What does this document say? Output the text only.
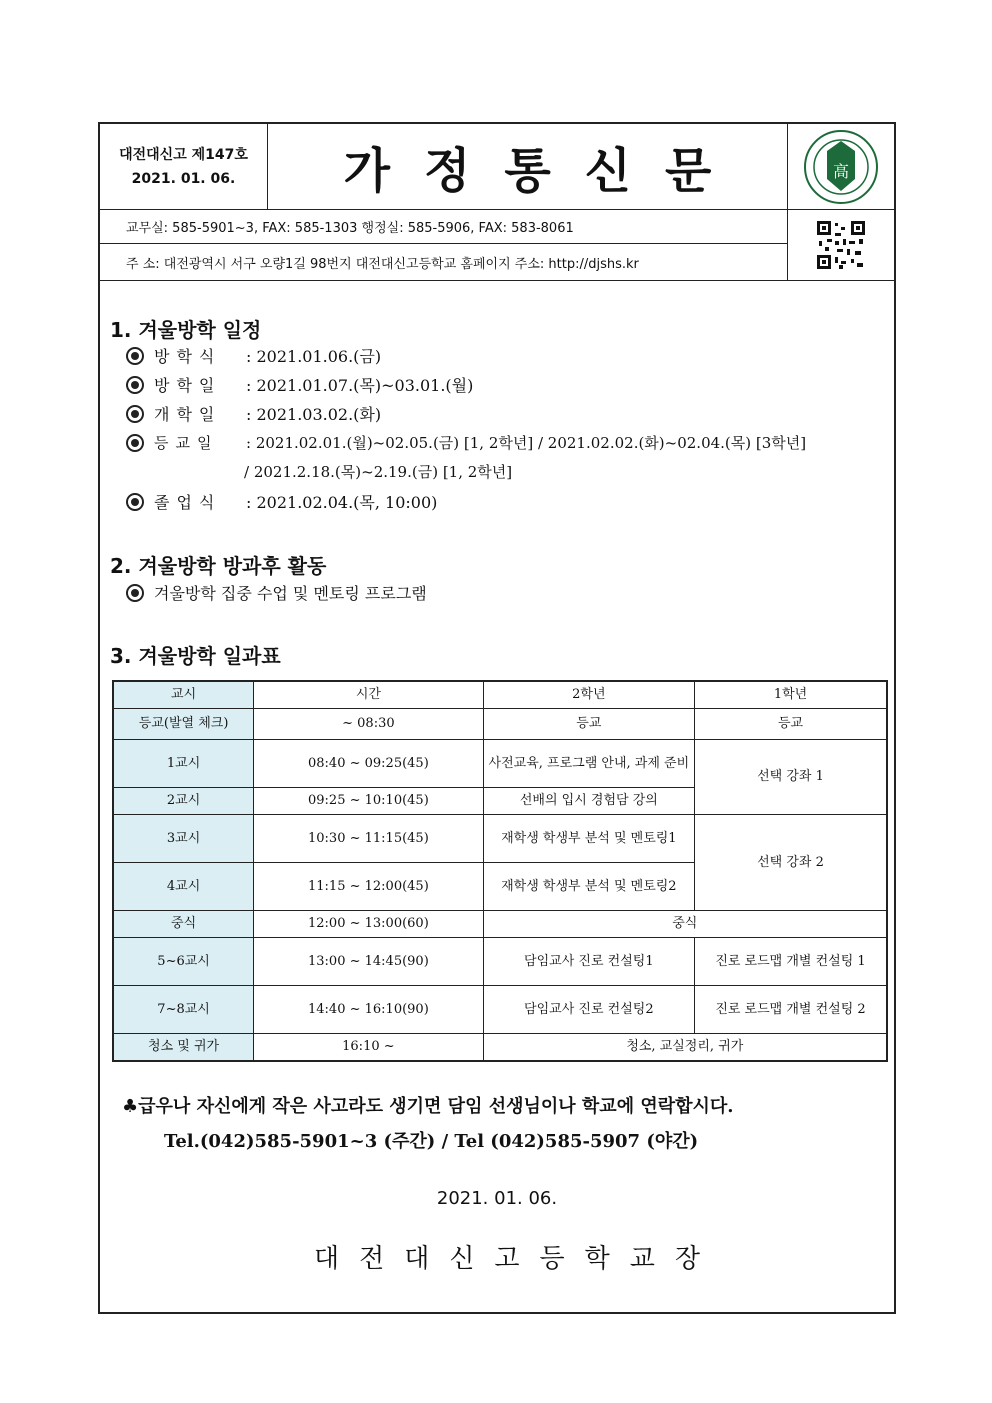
대전대신고 제147호
2021. 01. 06.	가정통신문	高
교무실: 585-5901~3, FAX: 585-1303 행정실: 585-5906, FAX: 583-8061
주 소: 대전광역시 서구 오량1길 98번지 대전대신고등학교 홈페이지 주소: http://djshs.kr
1. 겨울방학 일정
방학식	: 2021.01.06.(금)
방학일	: 2021.01.07.(목)~03.01.(월)
개학일	: 2021.03.02.(화)
등교일	: 2021.02.01.(월)~02.05.(금) [1, 2학년] / 2021.02.02.(화)~02.04.(목) [3학년]
/ 2021.2.18.(목)~2.19.(금) [1, 2학년]
졸업식	: 2021.02.04.(목, 10:00)
2. 겨울방학 방과후 활동
겨울방학 집중 수업 및 멘토링 프로그램
3. 겨울방학 일과표
교시	시간	2학년	1학년
등교(발열 체크)	~ 08:30	등교	등교
1교시	08:40 ~ 09:25(45)	사전교육, 프로그램 안내, 과제 준비	선택 강좌 1
2교시	09:25 ~ 10:10(45)	선배의 입시 경험담 강의	
3교시	10:30 ~ 11:15(45)	재학생 학생부 분석 및 멘토링1	선택 강좌 2
4교시	11:15 ~ 12:00(45)	재학생 학생부 분석 및 멘토링2	
중식	12:00 ~ 13:00(60)	중식	
5~6교시	13:00 ~ 14:45(90)	담임교사 진로 컨설팅1	진로 로드맵 개별 컨설팅 1
7~8교시	14:40 ~ 16:10(90)	담임교사 진로 컨설팅2	진로 로드맵 개별 컨설팅 2
청소 및 귀가	16:10 ~	청소, 교실정리, 귀가	
♣급우나 자신에게 작은 사고라도 생기면 담임 선생님이나 학교에 연락합시다.
Tel.(042)585-5901~3 (주간) / Tel (042)585-5907 (야간)
2021. 01. 06.
대전대신고등학교장
